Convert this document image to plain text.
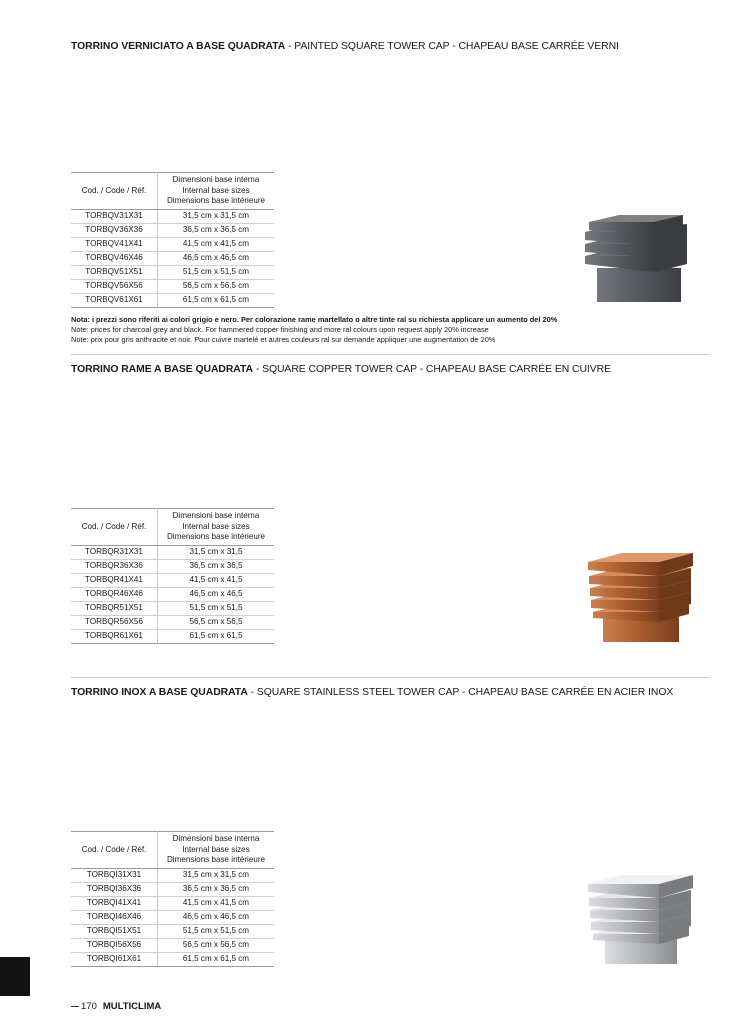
TORRINO VERNICIATO A BASE QUADRATA - PAINTED SQUARE TOWER CAP - CHAPEAU BASE CARRÉE VERNI
Cod. / Code / Réf.	Dimensioni base interna
Internal base sizes
Dimensions base intérieure

TORBQV31X31	31,5 cm x 31,5 cm
TORBQV36X36	36,5 cm x 36,5 cm
TORBQV41X41	41,5 cm x 41,5 cm
TORBQV46X46	46,5 cm x 46,5 cm
TORBQV51X51	51,5 cm x 51,5 cm
TORBQV56X56	56,5 cm x 56,5 cm
TORBQV61X61	61,5 cm x 61,5 cm
Nota: i prezzi sono riferiti ai colori grigio e nero. Per colorazione rame martellato o altre tinte ral su richiesta applicare un aumento del 20%
Note: prices for charcoal grey and black. For hammered copper finishing and more ral colours upon request apply 20% increase
Note: prix pour gris anthracite et noir. Pour cuivre martelé et autres couleurs ral sur demande appliquer une augmentation de 20%
TORRINO RAME A BASE QUADRATA - SQUARE COPPER TOWER CAP - CHAPEAU BASE CARRÉE EN CUIVRE
Cod. / Code / Réf.	Dimensioni base interna
Internal base sizes
Dimensions base intérieure

TORBQR31X31	31,5 cm x 31,5
TORBQR36X36	36,5 cm x 36,5
TORBQR41X41	41,5 cm x 41,5
TORBQR46X46	46,5 cm x 46,5
TORBQR51X51	51,5 cm x 51,5
TORBQR56X56	56,5 cm x 56,5
TORBQR61X61	61,5 cm x 61,5
TORRINO INOX A BASE QUADRATA - SQUARE STAINLESS STEEL TOWER CAP - CHAPEAU BASE CARRÉE EN ACIER INOX
Cod. / Code / Réf.	Dimensioni base interna
Internal base sizes
Dimensions base intérieure

TORBQI31X31	31,5 cm x 31,5 cm
TORBQI36X36	36,5 cm x 36,5 cm
TORBQI41X41	41,5 cm x 41,5 cm
TORBQI46X46	46,5 cm x 46,5 cm
TORBQI51X51	51,5 cm x 51,5 cm
TORBQI56X56	56,5 cm x 56,5 cm
TORBQI61X61	61,5 cm x 61,5 cm
170 MULTICLIMA
